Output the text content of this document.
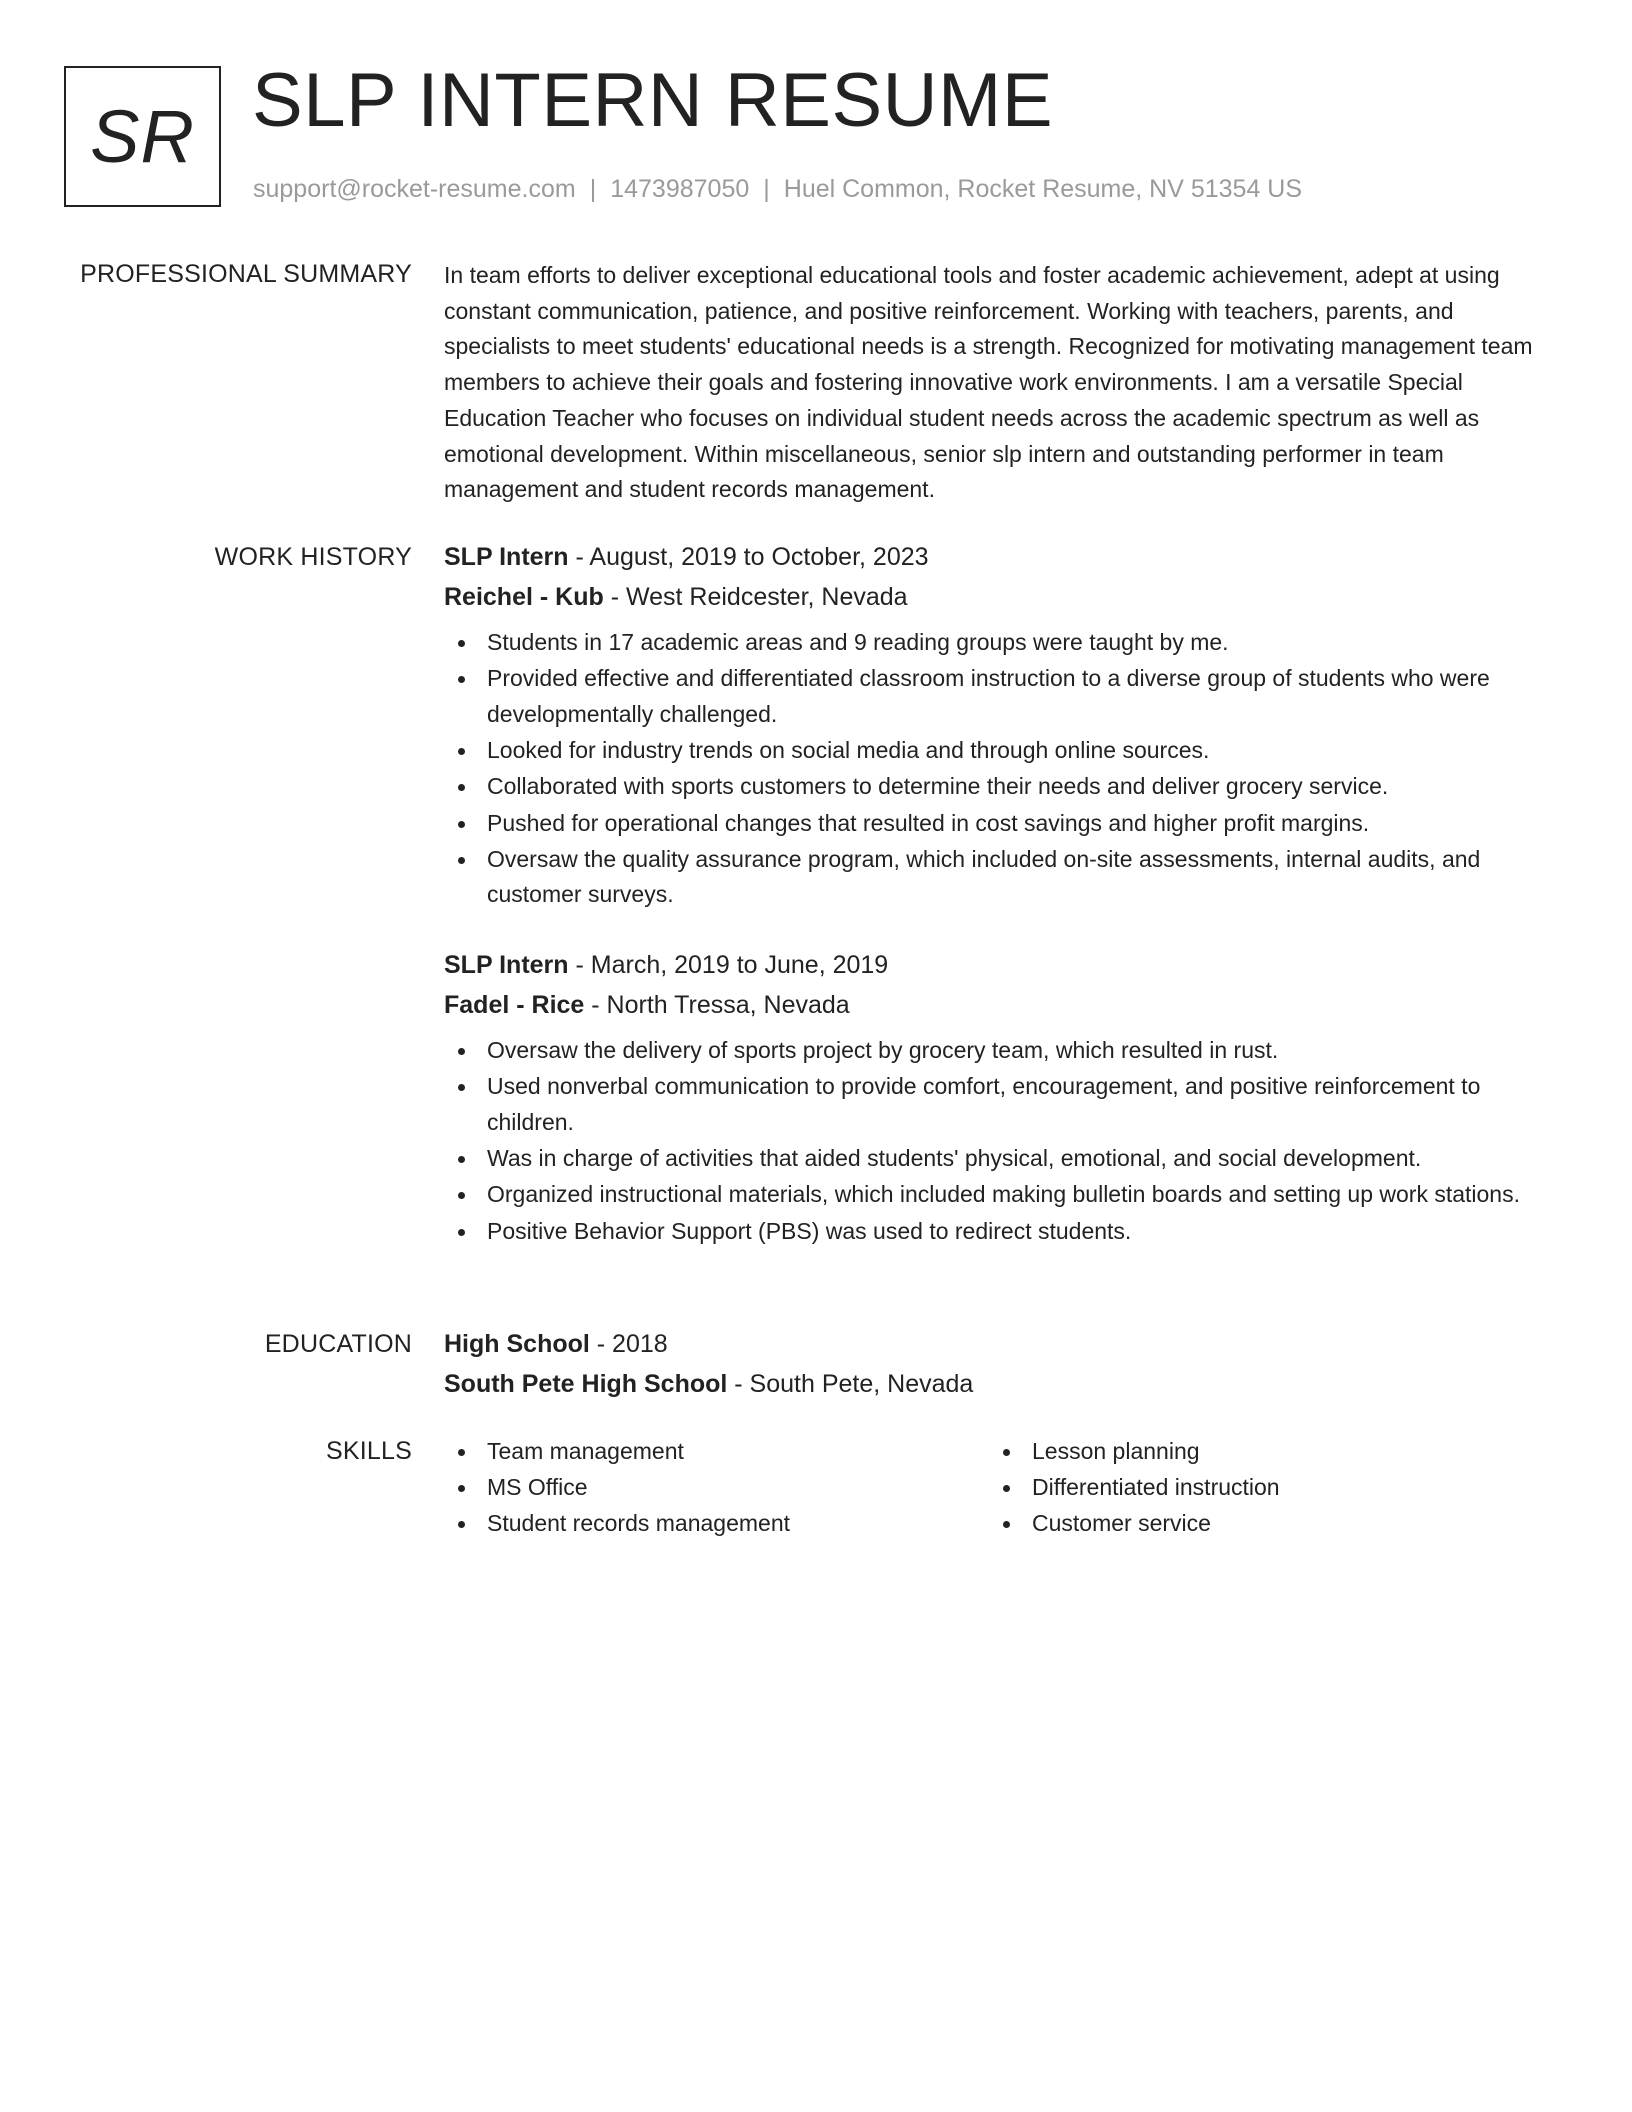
SR SLP INTERN RESUME
support@rocket-resume.com | 1473987050 | Huel Common, Rocket Resume, NV 51354 US
PROFESSIONAL SUMMARY In team efforts to deliver exceptional educational tools and foster academic achievement, adept at using constant communication, patience, and positive reinforcement. Working with teachers, parents, and specialists to meet students' educational needs is a strength. Recognized for motivating management team members to achieve their goals and fostering innovative work environments. I am a versatile Special Education Teacher who focuses on individual student needs across the academic spectrum as well as emotional development. Within miscellaneous, senior slp intern and outstanding performer in team management and student records management.

WORK HISTORY SLP Intern - August, 2019 to October, 2023
Reichel - Kub - West Reidcester, Nevada
Students in 17 academic areas and 9 reading groups were taught by me.
Provided effective and differentiated classroom instruction to a diverse group of students who were developmentally challenged.
Looked for industry trends on social media and through online sources.
Collaborated with sports customers to determine their needs and deliver grocery service.
Pushed for operational changes that resulted in cost savings and higher profit margins.
Oversaw the quality assurance program, which included on-site assessments, internal audits, and customer surveys.
SLP Intern - March, 2019 to June, 2019
Fadel - Rice - North Tressa, Nevada
Oversaw the delivery of sports project by grocery team, which resulted in rust.
Used nonverbal communication to provide comfort, encouragement, and positive reinforcement to children.
Was in charge of activities that aided students' physical, emotional, and social development.
Organized instructional materials, which included making bulletin boards and setting up work stations.
Positive Behavior Support (PBS) was used to redirect students.
EDUCATION High School - 2018
South Pete High School - South Pete, Nevada
SKILLS	Team management
MS Office
Student records management
Lesson planning
Differentiated instruction
Customer service
